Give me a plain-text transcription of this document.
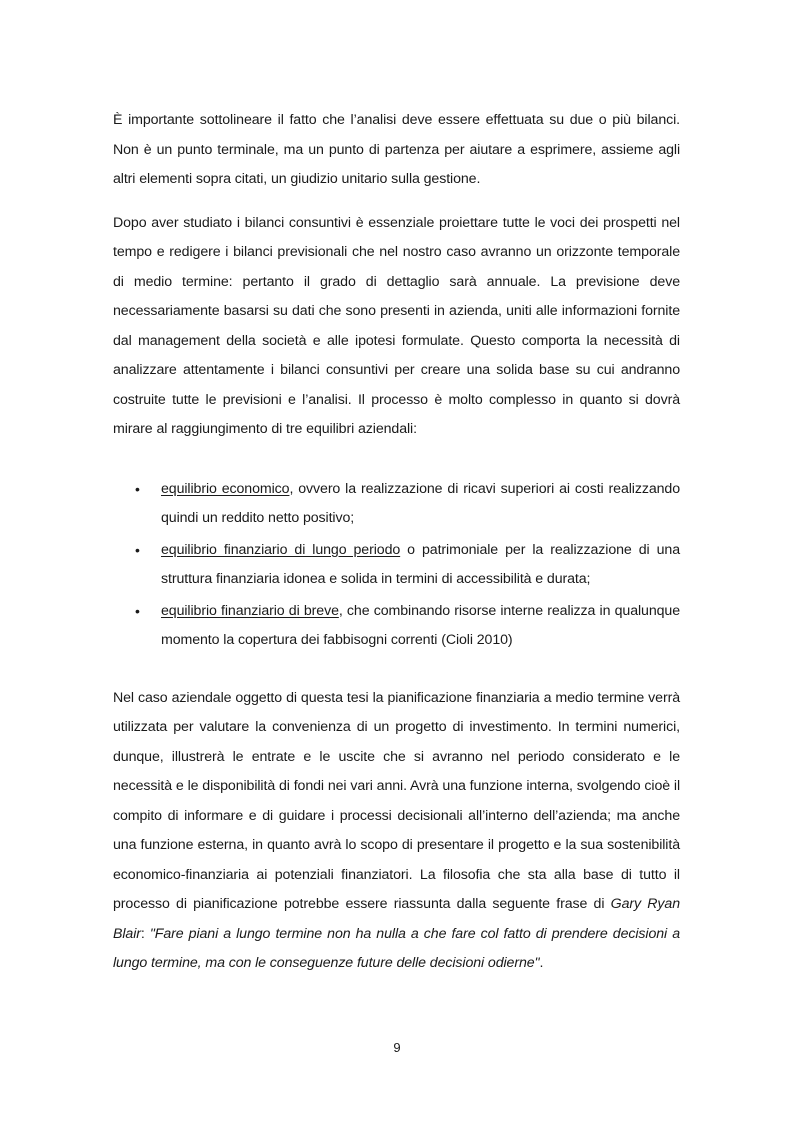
È importante sottolineare il fatto che l’analisi deve essere effettuata su due o più bilanci. Non è un punto terminale, ma un punto di partenza per aiutare a esprimere, assieme agli altri elementi sopra citati, un giudizio unitario sulla gestione.

Dopo aver studiato i bilanci consuntivi è essenziale proiettare tutte le voci dei prospetti nel tempo e redigere i bilanci previsionali che nel nostro caso avranno un orizzonte temporale di medio termine: pertanto il grado di dettaglio sarà annuale. La previsione deve necessariamente basarsi su dati che sono presenti in azienda, uniti alle informazioni fornite dal management della società e alle ipotesi formulate. Questo comporta la necessità di analizzare attentamente i bilanci consuntivi per creare una solida base su cui andranno costruite tutte le previsioni e l’analisi. Il processo è molto complesso in quanto si dovrà mirare al raggiungimento di tre equilibri aziendali:

• equilibrio economico, ovvero la realizzazione di ricavi superiori ai costi realizzando quindi un reddito netto positivo;
• equilibrio finanziario di lungo periodo o patrimoniale per la realizzazione di una struttura finanziaria idonea e solida in termini di accessibilità e durata;
• equilibrio finanziario di breve, che combinando risorse interne realizza in qualunque momento la copertura dei fabbisogni correnti (Cioli 2010)

Nel caso aziendale oggetto di questa tesi la pianificazione finanziaria a medio termine verrà utilizzata per valutare la convenienza di un progetto di investimento. In termini numerici, dunque, illustrerà le entrate e le uscite che si avranno nel periodo considerato e le necessità e le disponibilità di fondi nei vari anni. Avrà una funzione interna, svolgendo cioè il compito di informare e di guidare i processi decisionali all’interno dell’azienda; ma anche una funzione esterna, in quanto avrà lo scopo di presentare il progetto e la sua sostenibilità economico-finanziaria ai potenziali finanziatori. La filosofia che sta alla base di tutto il processo di pianificazione potrebbe essere riassunta dalla seguente frase di Gary Ryan Blair: "Fare piani a lungo termine non ha nulla a che fare col fatto di prendere decisioni a lungo termine, ma con le conseguenze future delle decisioni odierne".

9
